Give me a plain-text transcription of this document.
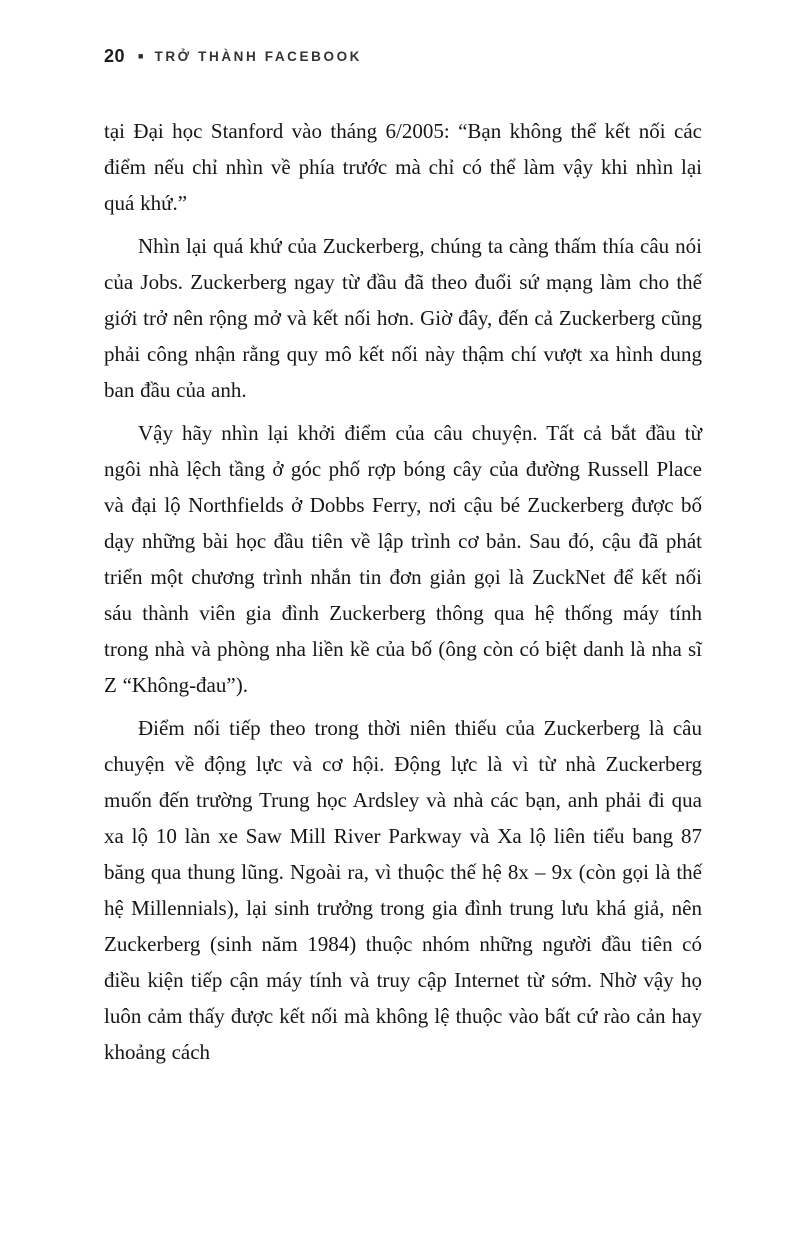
20 ■ TRỞ THÀNH FACEBOOK

tại Đại học Stanford vào tháng 6/2005: “Bạn không thể kết nối các điểm nếu chỉ nhìn về phía trước mà chỉ có thể làm vậy khi nhìn lại quá khứ.”

Nhìn lại quá khứ của Zuckerberg, chúng ta càng thấm thía câu nói của Jobs. Zuckerberg ngay từ đầu đã theo đuổi sứ mạng làm cho thế giới trở nên rộng mở và kết nối hơn. Giờ đây, đến cả Zuckerberg cũng phải công nhận rằng quy mô kết nối này thậm chí vượt xa hình dung ban đầu của anh.

Vậy hãy nhìn lại khởi điểm của câu chuyện. Tất cả bắt đầu từ ngôi nhà lệch tầng ở góc phố rợp bóng cây của đường Russell Place và đại lộ Northfields ở Dobbs Ferry, nơi cậu bé Zuckerberg được bố dạy những bài học đầu tiên về lập trình cơ bản. Sau đó, cậu đã phát triển một chương trình nhắn tin đơn giản gọi là ZuckNet để kết nối sáu thành viên gia đình Zuckerberg thông qua hệ thống máy tính trong nhà và phòng nha liền kề của bố (ông còn có biệt danh là nha sĩ Z “Không-đau”).

Điểm nối tiếp theo trong thời niên thiếu của Zuckerberg là câu chuyện về động lực và cơ hội. Động lực là vì từ nhà Zuckerberg muốn đến trường Trung học Ardsley và nhà các bạn, anh phải đi qua xa lộ 10 làn xe Saw Mill River Parkway và Xa lộ liên tiểu bang 87 băng qua thung lũng. Ngoài ra, vì thuộc thế hệ 8x – 9x (còn gọi là thế hệ Millennials), lại sinh trưởng trong gia đình trung lưu khá giả, nên Zuckerberg (sinh năm 1984) thuộc nhóm những người đầu tiên có điều kiện tiếp cận máy tính và truy cập Internet từ sớm. Nhờ vậy họ luôn cảm thấy được kết nối mà không lệ thuộc vào bất cứ rào cản hay khoảng cách
